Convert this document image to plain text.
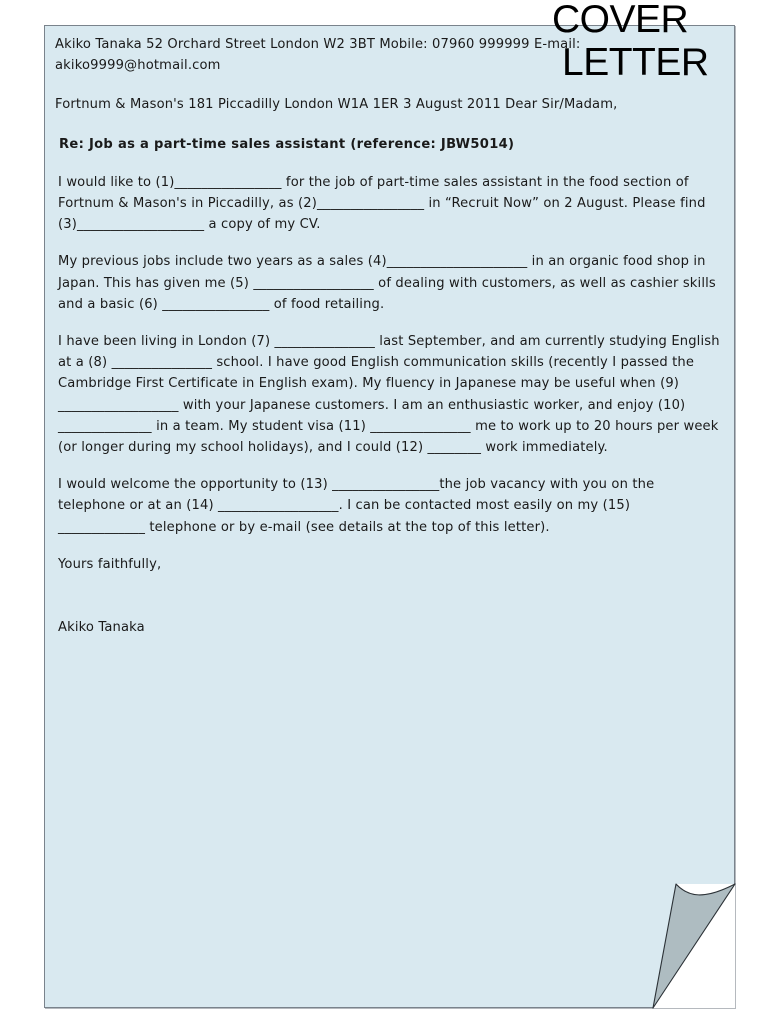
Akiko Tanaka 52 Orchard Street London W2 3BT Mobile: 07960 999999 E-mail: akiko9999@hotmail.com

Fortnum & Mason's 181 Piccadilly London W1A 1ER 3 August 2011 Dear Sir/Madam,

Re: Job as a part-time sales assistant (reference: JBW5014)

I would like to (1)________________ for the job of part-time sales assistant in the food section of Fortnum & Mason's in Piccadilly, as (2)________________ in “Recruit Now” on 2 August. Please find (3)___________________ a copy of my CV.

My previous jobs include two years as a sales (4)_____________________ in an organic food shop in Japan. This has given me (5) __________________ of dealing with customers, as well as cashier skills and a basic (6) ________________ of food retailing.

I have been living in London (7) _______________ last September, and am currently studying English at a (8) _______________ school. I have good English communication skills (recently I passed the Cambridge First Certificate in English exam). My fluency in Japanese may be useful when (9) __________________ with your Japanese customers. I am an enthusiastic worker, and enjoy (10) ______________ in a team. My student visa (11) _______________ me to work up to 20 hours per week (or longer during my school holidays), and I could (12) ________ work immediately.

I would welcome the opportunity to (13) ________________the job vacancy with you on the telephone or at an (14) __________________. I can be contacted most easily on my (15) _____________ telephone or by e-mail (see details at the top of this letter).

Yours faithfully,

Akiko Tanaka

COVER
LETTER
